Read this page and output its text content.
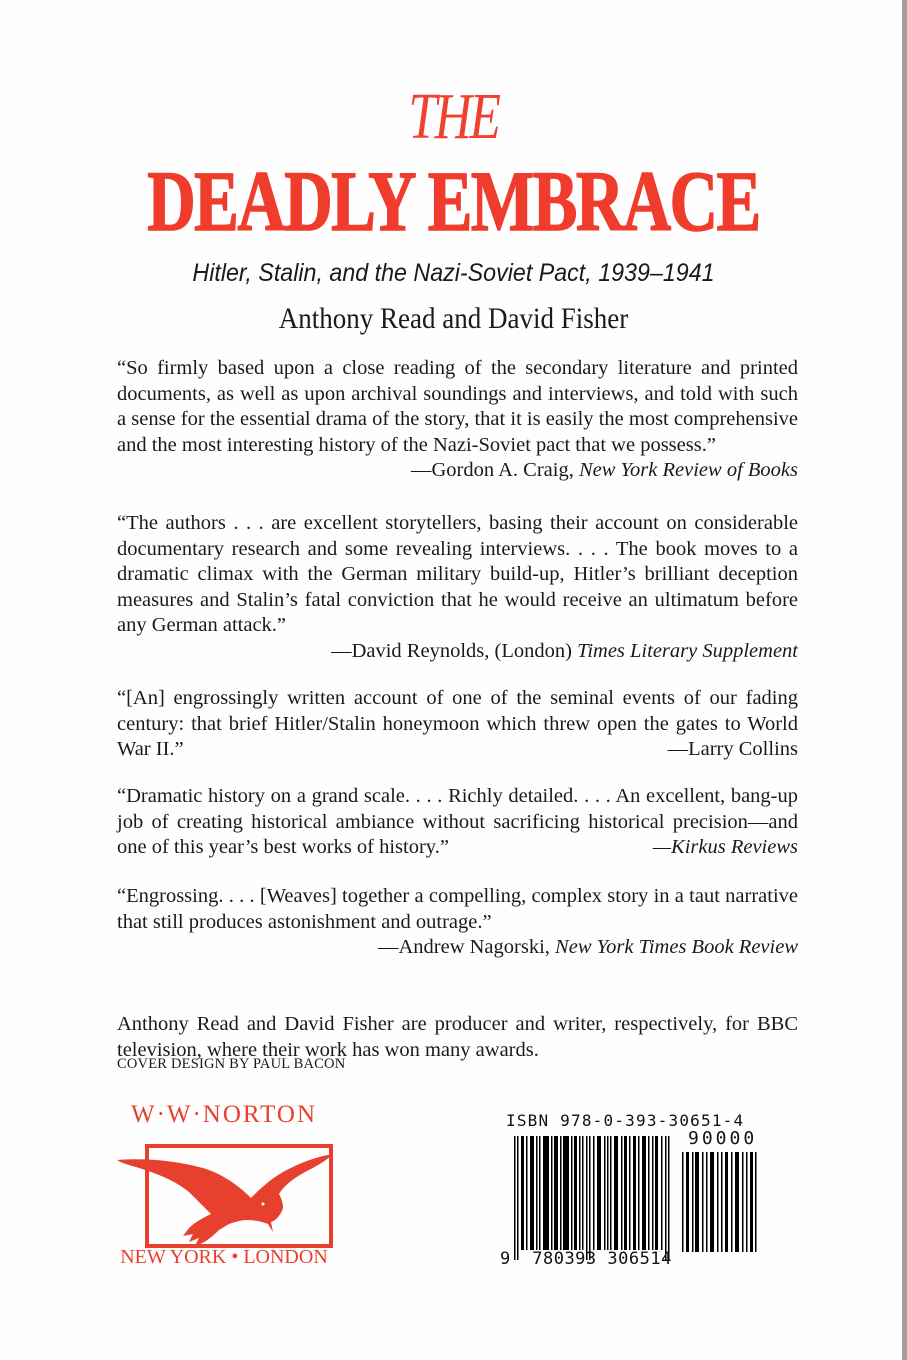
THE
DEADLY EMBRACE
Hitler, Stalin, and the Nazi-Soviet Pact, 1939–1941
Anthony Read and David Fisher

“So firmly based upon a close reading of the secondary literature and printed documents, as well as upon archival soundings and interviews, and told with such a sense for the essential drama of the story, that it is easily the most comprehensive and the most interesting history of the Nazi-Soviet pact that we possess.”

—Gordon A. Craig, New York Review of Books

“The authors . . . are excellent storytellers, basing their account on considerable documentary research and some revealing interviews. . . . The book moves to a dramatic climax with the German military build-up, Hitler’s brilliant deception measures and Stalin’s fatal conviction that he would receive an ultimatum before any German attack.”

—David Reynolds, (London) Times Literary Supplement

“[An] engrossingly written account of one of the seminal events of our fading century: that brief Hitler/Stalin honeymoon which threw open the gates to World

War II.”	—Larry Collins

“Dramatic history on a grand scale. . . . Richly detailed. . . . An excellent, bang-up job of creating historical ambiance without sacrificing historical precision—and

one of this year’s best works of history.”	—Kirkus Reviews

“Engrossing. . . . [Weaves] together a compelling, complex story in a taut narrative that still produces astonishment and outrage.”

—Andrew Nagorski, New York Times Book Review

Anthony Read and David Fisher are producer and writer, respectively, for BBC television, where their work has won many awards.

COVER DESIGN BY PAUL BACON
W·W·NORTON
NEW YORK • LONDON
ISBN 978-0-393-30651-4
90000
9 780393 306514
